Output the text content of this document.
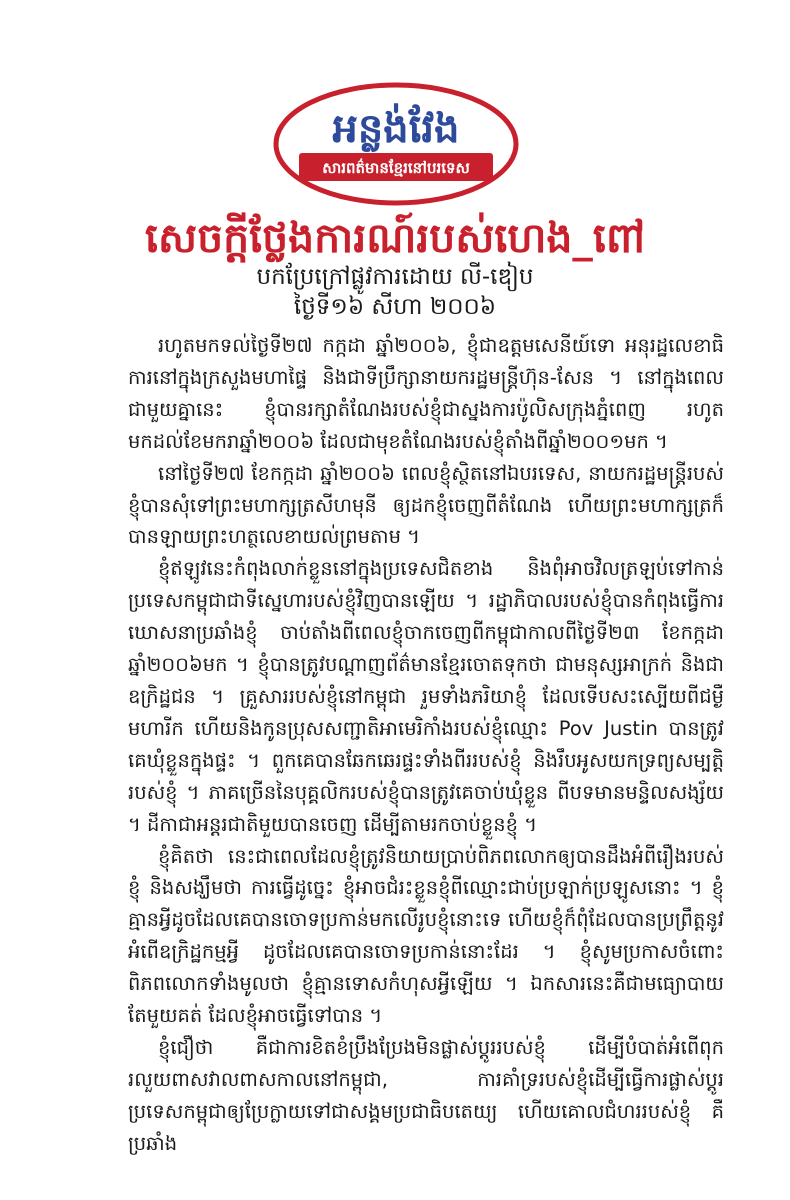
អន្លង់វែង
សារពត៌មានខ្មែរនៅបរទេស
សេចក្តីថ្លែងការណ៍របស់ហេង_ពៅ
បកប្រែក្រៅផ្លូវការដោយ លី-ឌៀប
ថ្ងៃទី១៦ សីហា ២០០៦

រហូតមកទល់ថ្ងៃទី២៧ កក្កដា ឆ្នាំ២០០៦, ខ្ញុំជាឧត្តមសេនីយ៍ទោ អនុរដ្ឋលេខាធិការនៅក្នុងក្រសួងមហាផ្ទៃ និងជាទីប្រឹក្សានាយករដ្ឋមន្ត្រីហ៊ុន-សែន ។ នៅក្នុងពេលជាមួយគ្នានេះ ខ្ញុំបានរក្សាតំណែងរបស់ខ្ញុំជាស្នងការប៉ូលិសក្រុងភ្នំពេញ រហូតមកដល់ខែមករាឆ្នាំ២០០៦ ដែលជាមុខតំណែងរបស់ខ្ញុំតាំងពីឆ្នាំ២០០១មក ។

នៅថ្ងៃទី២៧ ខែកក្កដា ឆ្នាំ២០០៦ ពេលខ្ញុំស្ថិតនៅឯបរទេស, នាយករដ្ឋមន្ត្រីរបស់ខ្ញុំបានសុំទៅព្រះមហាក្សត្រសីហមុនី ឲ្យដកខ្ញុំចេញពីតំណែង ហើយព្រះមហាក្សត្រក៏បានឡាយព្រះហត្ថលេខាយល់ព្រមតាម ។

ខ្ញុំឥឡូវនេះកំពុងលាក់ខ្លួននៅក្នុងប្រទេសជិតខាង និងពុំអាចវិលត្រឡប់ទៅកាន់ប្រទេសកម្ពុជាជាទីស្នេហារបស់ខ្ញុំវិញបានឡើយ ។ រដ្ឋាភិបាលរបស់ខ្ញុំបានកំពុងធ្វើការឃោសនាប្រឆាំងខ្ញុំ ចាប់តាំងពីពេលខ្ញុំចាកចេញពីកម្ពុជាកាលពីថ្ងៃទី២៣ ខែកក្កដា ឆ្នាំ២០០៦មក ។ ខ្ញុំបានត្រូវបណ្តាញព័ត៌មានខ្មែរចោតទុកថា ជាមនុស្សអាក្រក់ និងជាឧក្រិដ្ឋជន ។ គ្រួសាររបស់ខ្ញុំនៅកម្ពុជា រួមទាំងភរិយាខ្ញុំ ដែលទើបសះស្បើយពីជម្ងឺមហារីក ហើយនិងកូនប្រុសសញ្ជាតិអាមេរិកាំងរបស់ខ្ញុំឈ្មោះ Pov Justin បានត្រូវគេឃុំខ្លួនក្នុងផ្ទះ ។ ពួកគេបានឆែកឆេរផ្ទះទាំងពីររបស់ខ្ញុំ និងរឹបអូសយកទ្រព្យសម្បត្តិរបស់ខ្ញុំ ។ ភាគច្រើននៃបុគ្គលិករបស់ខ្ញុំបានត្រូវគេចាប់ឃុំខ្លួន ពីបទមានមន្ទិលសង្ស័យ ។ ដីកាជាអន្តរជាតិមួយបានចេញ ដើម្បីតាមរកចាប់ខ្លួនខ្ញុំ ។

ខ្ញុំគិតថា នេះជាពេលដែលខ្ញុំត្រូវនិយាយប្រាប់ពិភពលោកឲ្យបានដឹងអំពីរឿងរបស់ខ្ញុំ និងសង្ឃឹមថា ការធ្វើដូច្នេះ ខ្ញុំអាចជំរះខ្លួនខ្ញុំពីឈ្មោះជាប់ប្រឡាក់ប្រឡូសនោះ ។ ខ្ញុំគ្មានអ្វីដូចដែលគេបានចោទប្រកាន់មកលើរូបខ្ញុំនោះទេ ហើយខ្ញុំក៏ពុំដែលបានប្រព្រឹត្តនូវអំពើឧក្រិដ្ឋកម្មអ្វី ដូចដែលគេបានចោទប្រកាន់នោះដែរ ។ ខ្ញុំសូមប្រកាសចំពោះពិភពលោកទាំងមូលថា ខ្ញុំគ្មានទោសកំហុសអ្វីឡើយ ។ ឯកសារនេះគឺជាមធ្យោបាយតែមួយគត់ ដែលខ្ញុំអាចធ្វើទៅបាន ។

ខ្ញុំជឿថា គឺជាការខិតខំប្រឹងប្រែងមិនផ្លាស់ប្តូររបស់ខ្ញុំ ដើម្បីបំបាត់អំពើពុករលួយពាសវាលពាសកាលនៅកម្ពុជា, ការគាំទ្ររបស់ខ្ញុំដើម្បីធ្វើការផ្លាស់ប្តូរប្រទេសកម្ពុជាឲ្យប្រែក្លាយទៅជាសង្គមប្រជាធិបតេយ្យ ហើយគោលជំហររបស់ខ្ញុំ គឺប្រឆាំង
